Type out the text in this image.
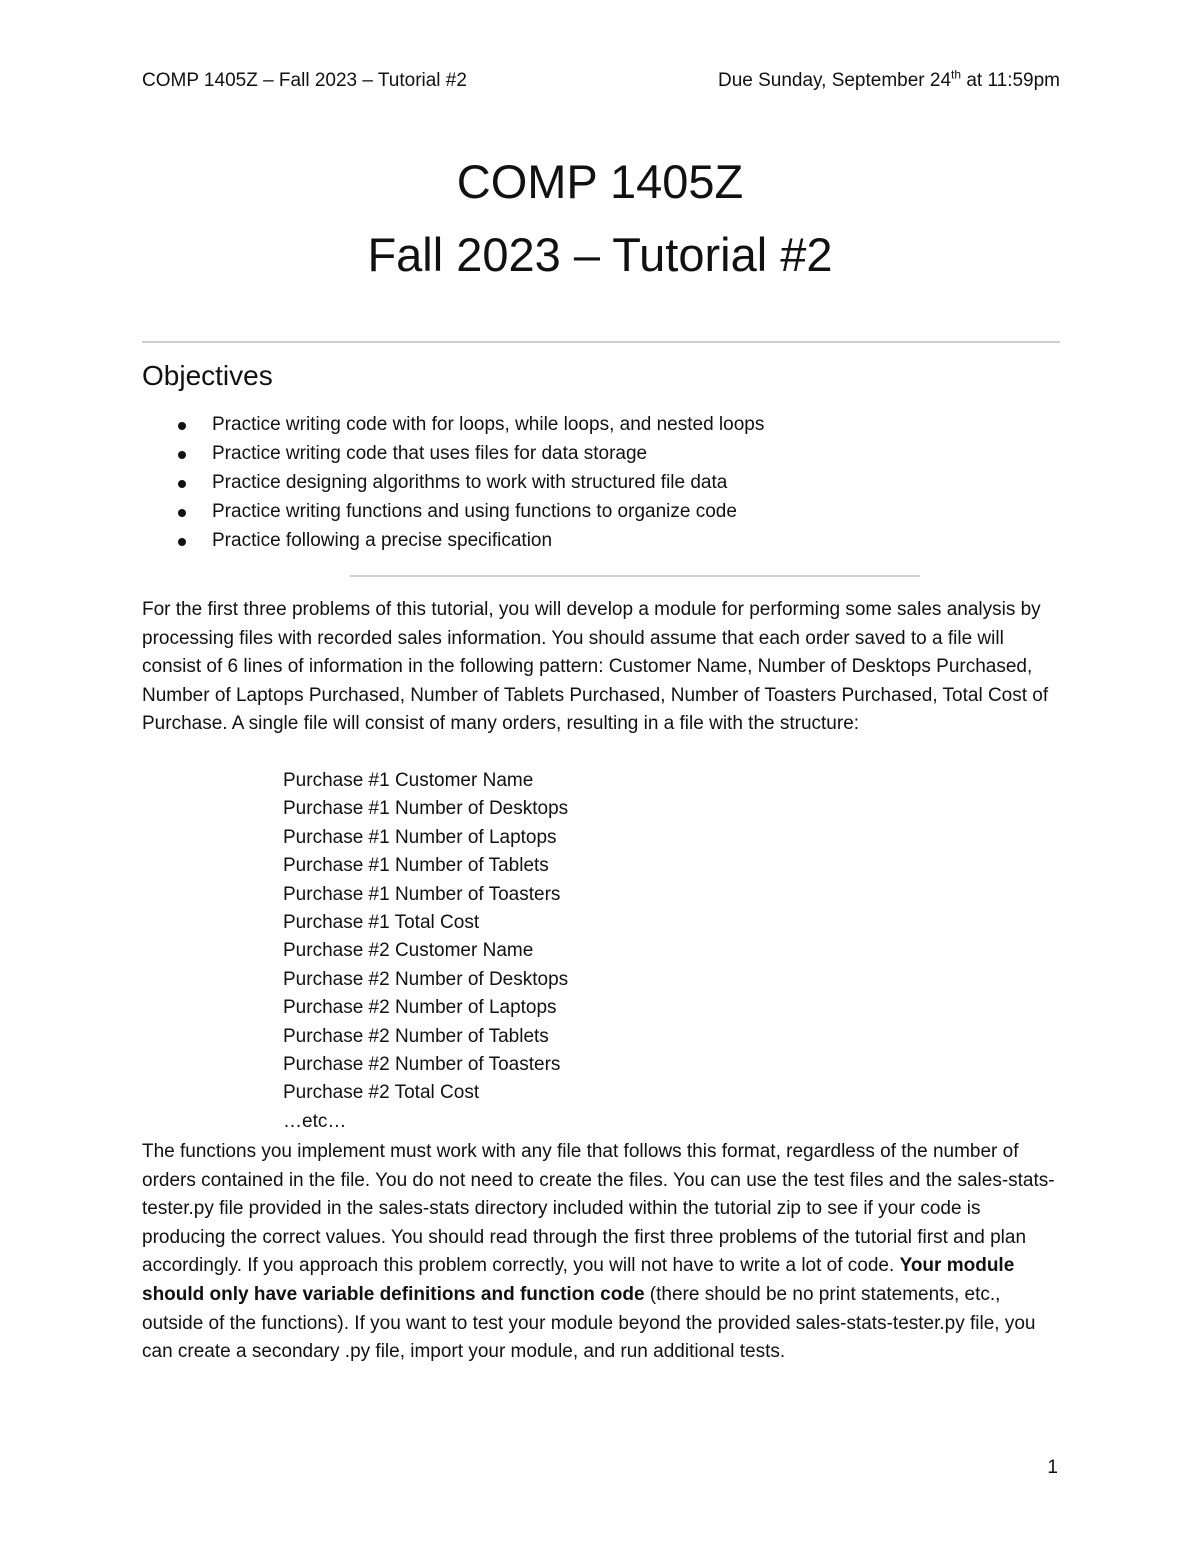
COMP 1405Z – Fall 2023 – Tutorial #2	Due Sunday, September 24th at 11:59pm
COMP 1405Z
Fall 2023 – Tutorial #2
Objectives
Practice writing code with for loops, while loops, and nested loops
Practice writing code that uses files for data storage
Practice designing algorithms to work with structured file data
Practice writing functions and using functions to organize code
Practice following a precise specification

For the first three problems of this tutorial, you will develop a module for performing some sales analysis by processing files with recorded sales information. You should assume that each order saved to a file will consist of 6 lines of information in the following pattern: Customer Name, Number of Desktops Purchased, Number of Laptops Purchased, Number of Tablets Purchased, Number of Toasters Purchased, Total Cost of Purchase. A single file will consist of many orders, resulting in a file with the structure:

Purchase #1 Customer Name
Purchase #1 Number of Desktops
Purchase #1 Number of Laptops
Purchase #1 Number of Tablets
Purchase #1 Number of Toasters
Purchase #1 Total Cost
Purchase #2 Customer Name
Purchase #2 Number of Desktops
Purchase #2 Number of Laptops
Purchase #2 Number of Tablets
Purchase #2 Number of Toasters
Purchase #2 Total Cost
…etc…

The functions you implement must work with any file that follows this format, regardless of the number of orders contained in the file. You do not need to create the files. You can use the test files and the sales-stats-tester.py file provided in the sales-stats directory included within the tutorial zip to see if your code is producing the correct values. You should read through the first three problems of the tutorial first and plan accordingly. If you approach this problem correctly, you will not have to write a lot of code. Your module should only have variable definitions and function code (there should be no print statements, etc., outside of the functions). If you want to test your module beyond the provided sales-stats-tester.py file, you can create a secondary .py file, import your module, and run additional tests.

1
